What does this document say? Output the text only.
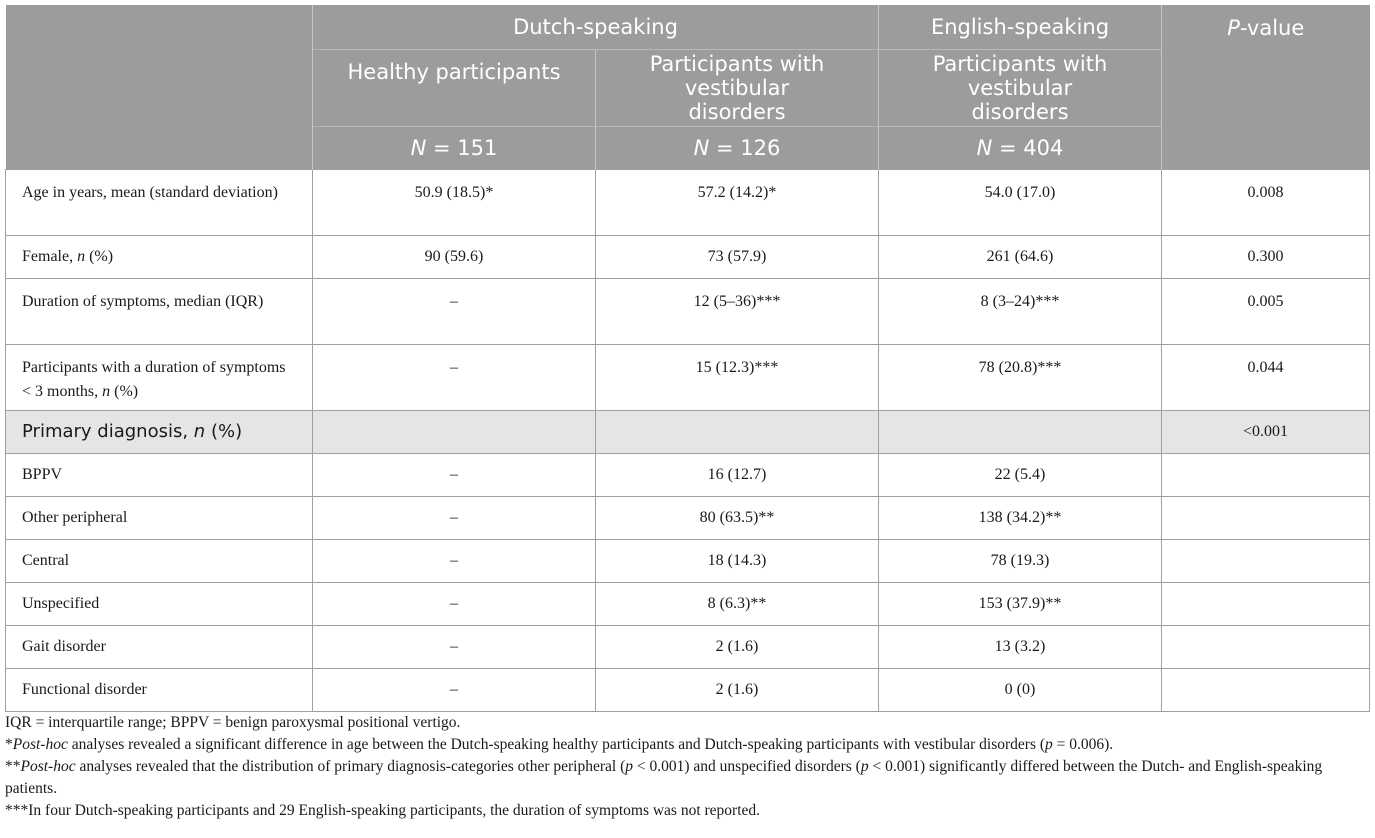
	Dutch-speaking		English-speaking	P-value
	Healthy participants	Participants with vestibular disorders	Participants with vestibular disorders	
	N = 151	N = 126	N = 404	
Age in years, mean (standard deviation)	50.9 (18.5)*	57.2 (14.2)*	54.0 (17.0)	0.008
Female, n (%)	90 (59.6)	73 (57.9)	261 (64.6)	0.300
Duration of symptoms, median (IQR)	–	12 (5–36)***	8 (3–24)***	0.005
Participants with a duration of symptoms < 3 months, n (%)	–	15 (12.3)***	78 (20.8)***	0.044
Primary diagnosis, n (%)				<0.001
BPPV	–	16 (12.7)	22 (5.4)	
Other peripheral	–	80 (63.5)**	138 (34.2)**	
Central	–	18 (14.3)	78 (19.3)	
Unspecified	–	8 (6.3)**	153 (37.9)**	
Gait disorder	–	2 (1.6)	13 (3.2)	
Functional disorder	–	2 (1.6)	0 (0)	

IQR = interquartile range; BPPV = benign paroxysmal positional vertigo.

*Post-hoc analyses revealed a significant difference in age between the Dutch-speaking healthy participants and Dutch-speaking participants with vestibular disorders (p = 0.006).

**Post-hoc analyses revealed that the distribution of primary diagnosis-categories other peripheral (p < 0.001) and unspecified disorders (p < 0.001) significantly differed between the Dutch- and English-speaking patients.

***In four Dutch-speaking participants and 29 English-speaking participants, the duration of symptoms was not reported.
